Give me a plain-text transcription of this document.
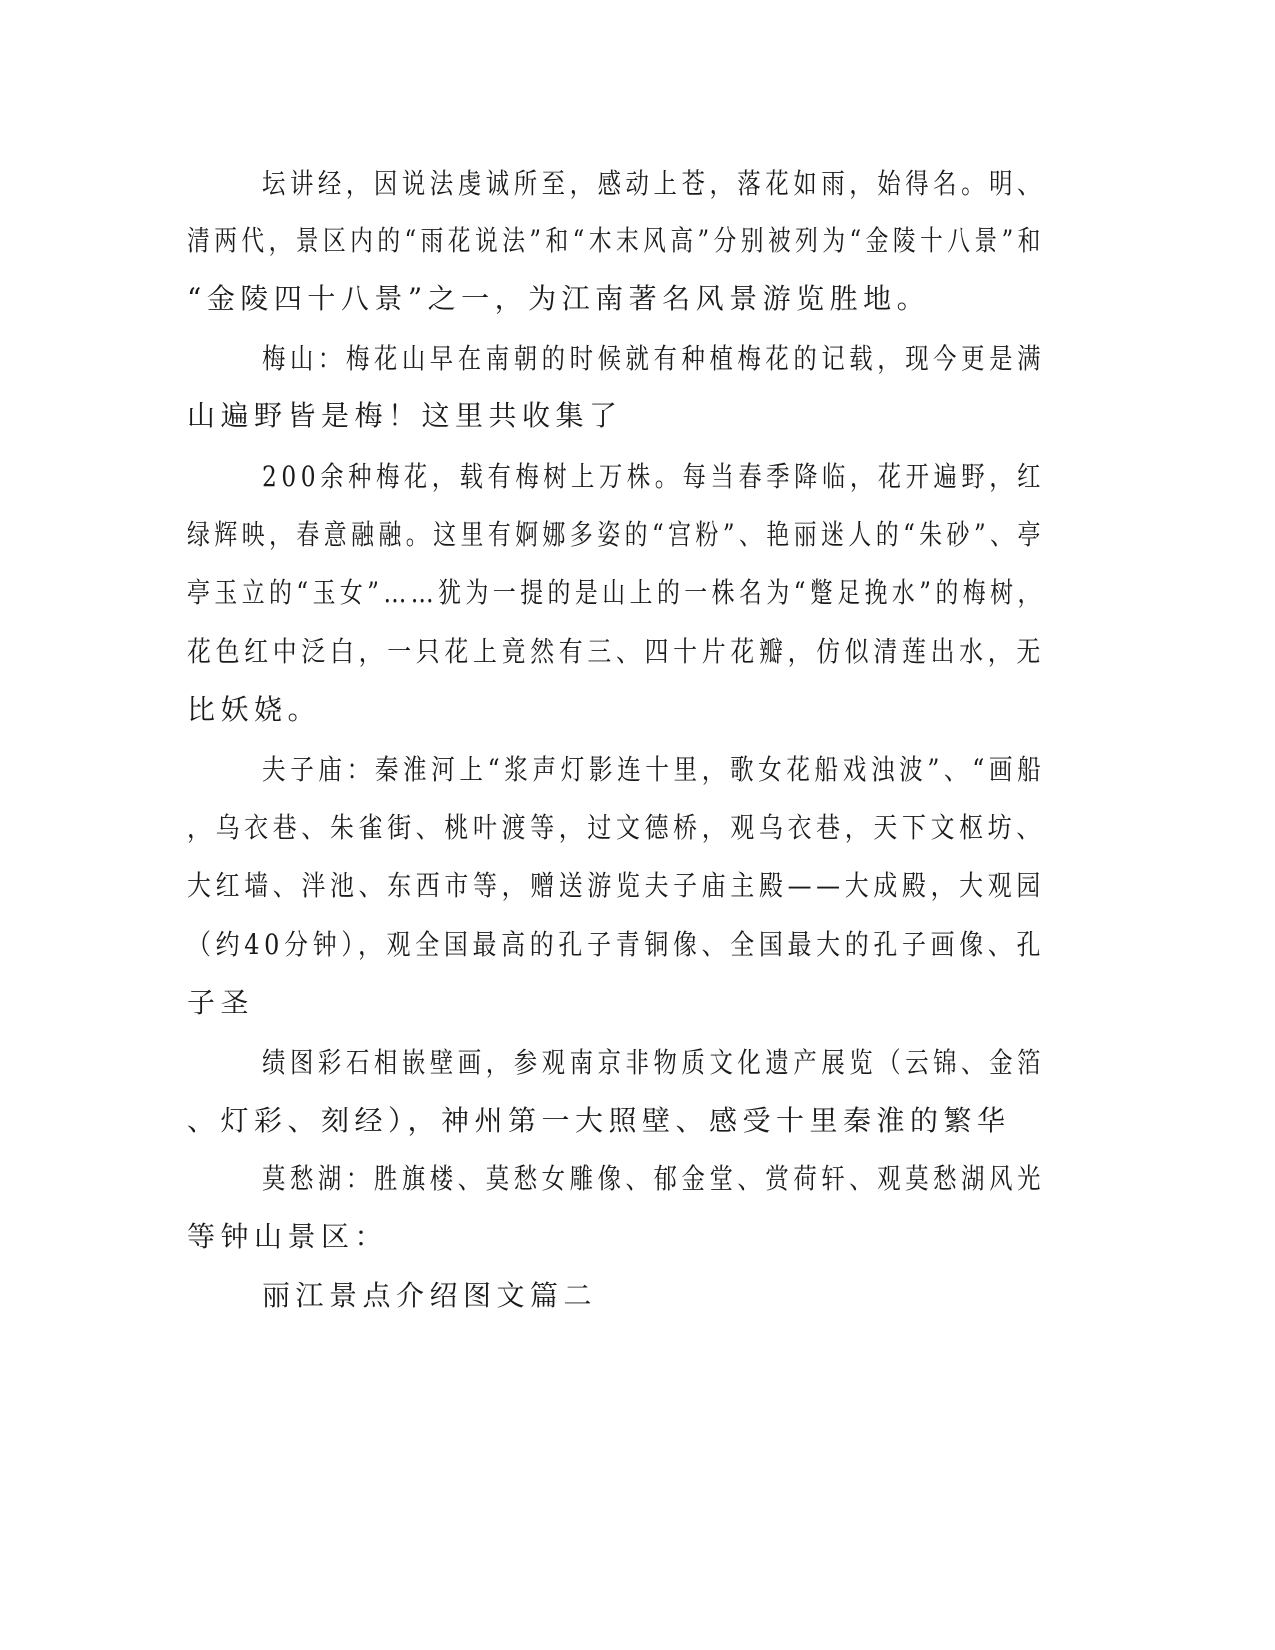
坛讲经，因说法虔诚所至，感动上苍，落花如雨，始得名。明、
清两代，景区内的“雨花说法”和“木末风高”分别被列为“金陵十八景”和
“金陵四十八景”之一，为江南著名风景游览胜地。
梅山：梅花山早在南朝的时候就有种植梅花的记载，现今更是满
山遍野皆是梅！这里共收集了
200余种梅花，载有梅树上万株。每当春季降临，花开遍野，红
绿辉映，春意融融。这里有婀娜多姿的“宫粉”、艳丽迷人的“朱砂”、亭
亭玉立的“玉女”……犹为一提的是山上的一株名为“蹩足挽水”的梅树，
花色红中泛白，一只花上竟然有三、四十片花瓣，仿似清莲出水，无
比妖娆。
夫子庙：秦淮河上“浆声灯影连十里，歌女花船戏浊波”、“画船
，乌衣巷、朱雀街、桃叶渡等，过文德桥，观乌衣巷，天下文枢坊、
大红墙、泮池、东西市等，赠送游览夫子庙主殿——大成殿，大观园
（约40分钟），观全国最高的孔子青铜像、全国最大的孔子画像、孔
子圣
绩图彩石相嵌壁画，参观南京非物质文化遗产展览（云锦、金箔
、灯彩、刻经），神州第一大照壁、感受十里秦淮的繁华
莫愁湖：胜旗楼、莫愁女雕像、郁金堂、赏荷轩、观莫愁湖风光
等钟山景区：
丽江景点介绍图文篇二
